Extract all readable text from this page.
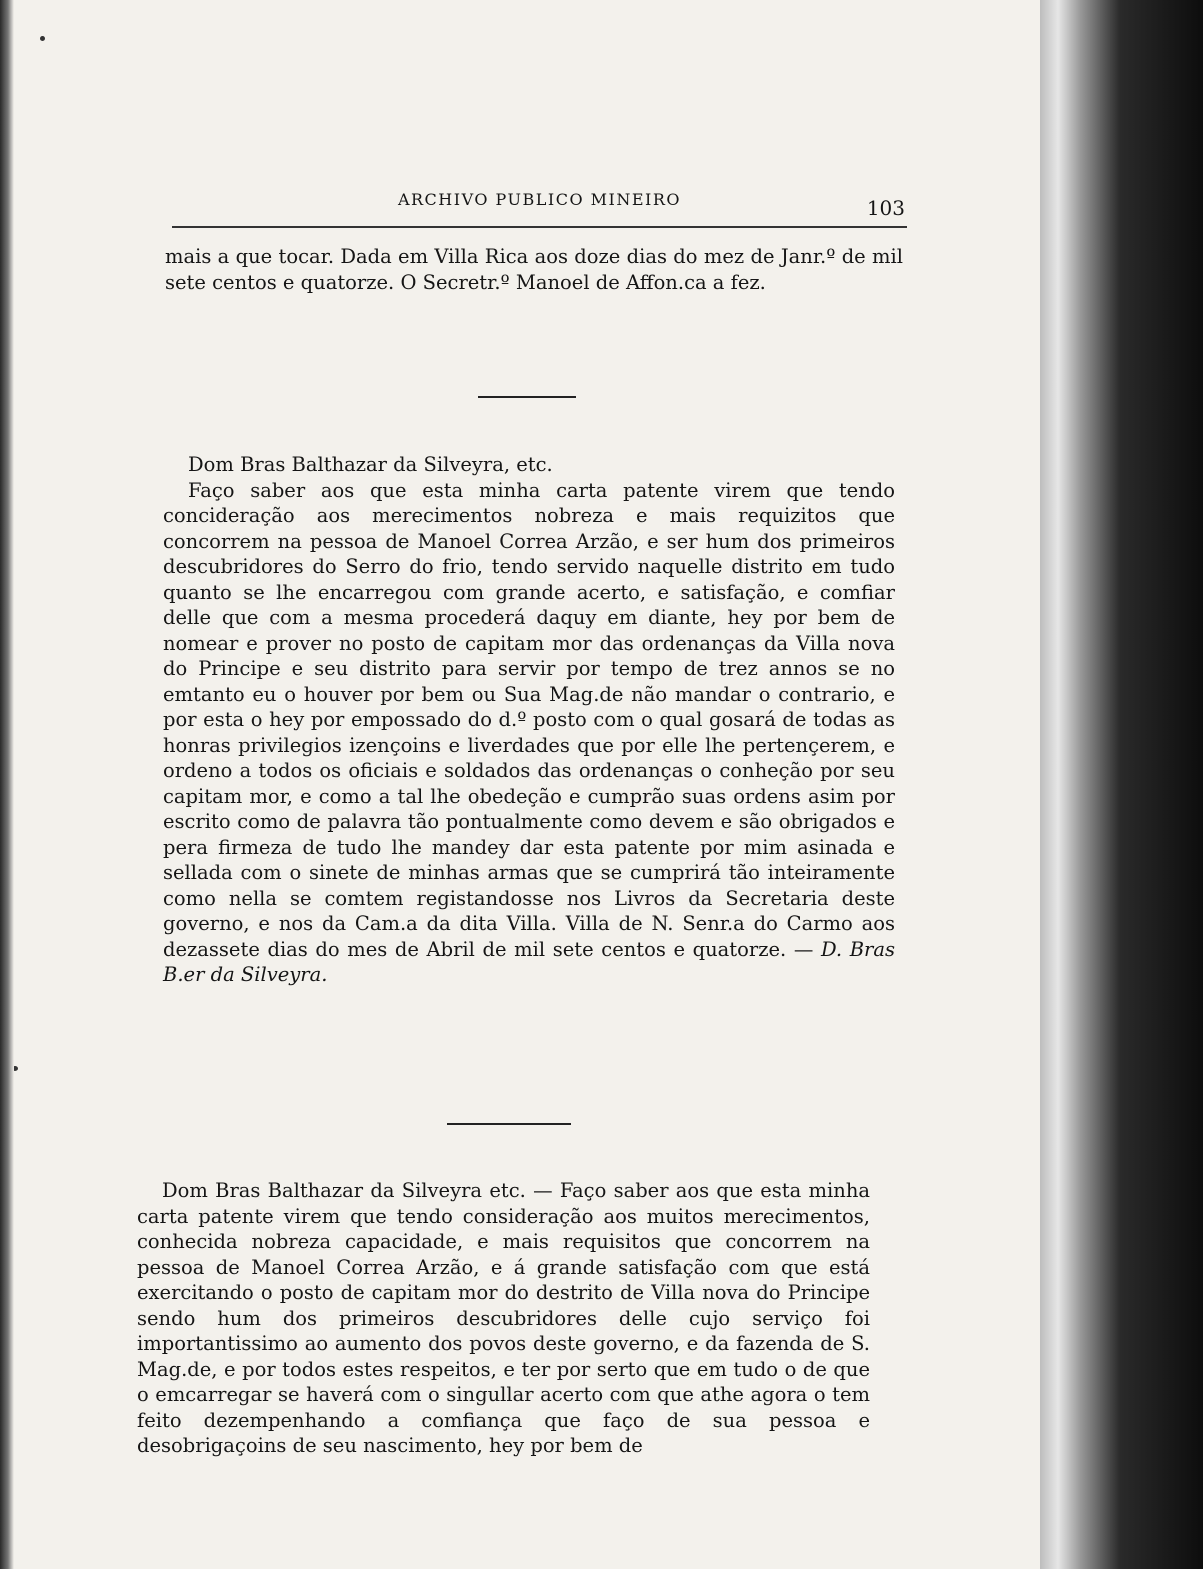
ARCHIVO PUBLICO MINEIRO	103

mais a que tocar. Dada em Villa Rica aos doze dias do mez de Janr.º de mil sete centos e quatorze. O Secretr.º Manoel de Affon.ca a fez.

Dom Bras Balthazar da Silveyra, etc.

Faço saber aos que esta minha carta patente virem que tendo concideração aos merecimentos nobreza e mais requizitos que concorrem na pessoa de Manoel Correa Arzão, e ser hum dos primeiros descubridores do Serro do frio, tendo servido naquelle distrito em tudo quanto se lhe encarregou com grande acerto, e satisfação, e comfiar delle que com a mesma procederá daquy em diante, hey por bem de nomear e prover no posto de capitam mor das ordenanças da Villa nova do Principe e seu distrito para servir por tempo de trez annos se no emtanto eu o houver por bem ou Sua Mag.de não mandar o contrario, e por esta o hey por empossado do d.º posto com o qual gosará de todas as honras privilegios izençoins e liverdades que por elle lhe pertençerem, e ordeno a todos os oficiais e soldados das ordenanças o conheção por seu capitam mor, e como a tal lhe obedeção e cumprão suas ordens asim por escrito como de palavra tão pontualmente como devem e são obrigados e pera firmeza de tudo lhe mandey dar esta patente por mim asinada e sellada com o sinete de minhas armas que se cumprirá tão inteiramente como nella se comtem registandosse nos Livros da Secretaria deste governo, e nos da Cam.a da dita Villa. Villa de N. Senr.a do Carmo aos dezassete dias do mes de Abril de mil sete centos e quatorze. — D. Bras B.er da Silveyra.

Dom Bras Balthazar da Silveyra etc. — Faço saber aos que esta minha carta patente virem que tendo consideração aos muitos merecimentos, conhecida nobreza capacidade, e mais requisitos que concorrem na pessoa de Manoel Correa Arzão, e á grande satisfação com que está exercitando o posto de capitam mor do destrito de Villa nova do Principe sendo hum dos primeiros descubridores delle cujo serviço foi importantissimo ao aumento dos povos deste governo, e da fazenda de S. Mag.de, e por todos estes respeitos, e ter por serto que em tudo o de que o emcarregar se haverá com o singullar acerto com que athe agora o tem feito dezempenhando a comfiança que faço de sua pessoa e desobrigaçoins de seu nascimento, hey por bem de
